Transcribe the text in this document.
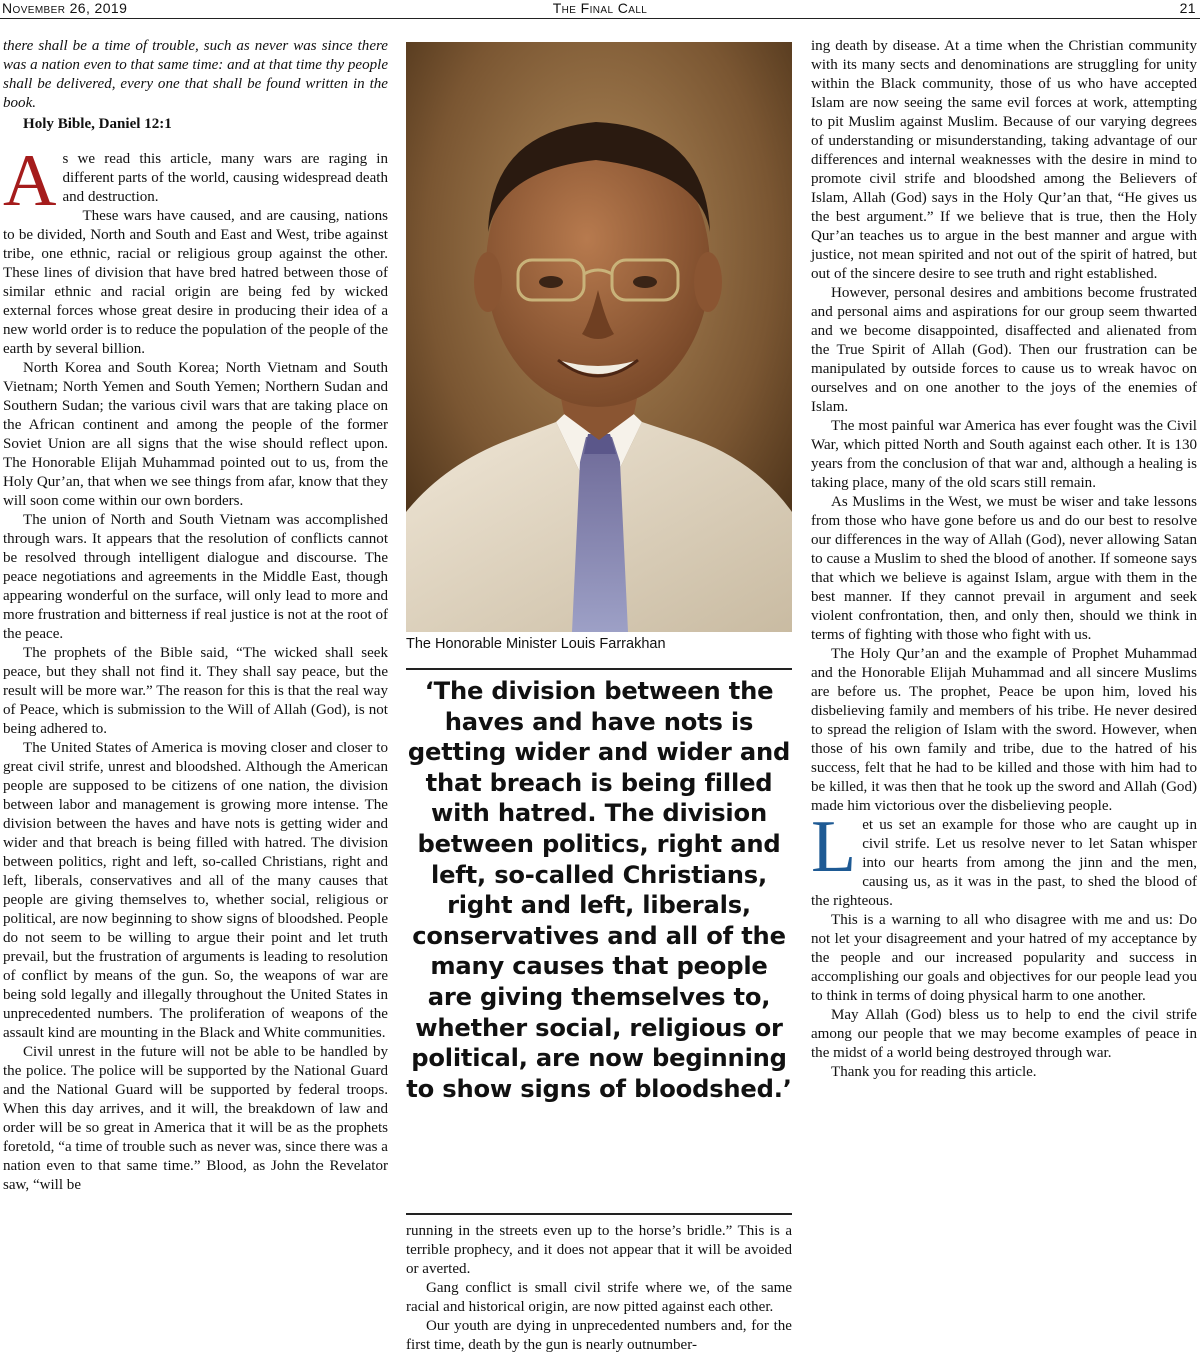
November 26, 2019	The Final Call	21

there shall be a time of trouble, such as never was since there was a nation even to that same time: and at that time thy people shall be delivered, every one that shall be found written in the book.

Holy Bible, Daniel 12:1

As we read this article, many wars are raging in different parts of the world, causing widespread death and destruction.

These wars have caused, and are causing, nations to be divided, North and South and East and West, tribe against tribe, one ethnic, racial or religious group against the other. These lines of division that have bred hatred between those of similar ethnic and racial origin are being fed by wicked external forces whose great desire in producing their idea of a new world order is to reduce the population of the people of the earth by several billion.

North Korea and South Korea; North Vietnam and South Vietnam; North Yemen and South Yemen; Northern Sudan and Southern Sudan; the various civil wars that are taking place on the African continent and among the people of the former Soviet Union are all signs that the wise should reflect upon. The Honorable Elijah Muhammad pointed out to us, from the Holy Qur’an, that when we see things from afar, know that they will soon come within our own borders.

The union of North and South Vietnam was accomplished through wars. It appears that the resolution of conflicts cannot be resolved through intelligent dialogue and discourse. The peace negotiations and agreements in the Middle East, though appearing wonderful on the surface, will only lead to more and more frustration and bitterness if real justice is not at the root of the peace.

The prophets of the Bible said, “The wicked shall seek peace, but they shall not find it. They shall say peace, but the result will be more war.” The reason for this is that the real way of Peace, which is submission to the Will of Allah (God), is not being adhered to.

The United States of America is moving closer and closer to great civil strife, unrest and bloodshed. Although the American people are supposed to be citizens of one nation, the division between labor and management is growing more intense. The division between the haves and have nots is getting wider and wider and that breach is being filled with hatred. The division between politics, right and left, so-called Christians, right and left, liberals, conservatives and all of the many causes that people are giving themselves to, whether social, religious or political, are now beginning to show signs of bloodshed. People do not seem to be willing to argue their point and let truth prevail, but the frustration of arguments is leading to resolution of conflict by means of the gun. So, the weapons of war are being sold legally and illegally throughout the United States in unprecedented numbers. The proliferation of weapons of the assault kind are mounting in the Black and White communities.

Civil unrest in the future will not be able to be handled by the police. The police will be supported by the National Guard and the National Guard will be supported by federal troops. When this day arrives, and it will, the breakdown of law and order will be so great in America that it will be as the prophets foretold, “a time of trouble such as never was, since there was a nation even to that same time.” Blood, as John the Revelator saw, “will be

The Honorable Minister Louis Farrakhan
‘The division between the haves and have nots is getting wider and wider and that breach is being filled with hatred. The division between politics, right and left, so-called Christians, right and left, liberals, conservatives and all of the many causes that people are giving themselves to, whether social, religious or political, are now beginning to show signs of bloodshed.’

running in the streets even up to the horse’s bridle.” This is a terrible prophecy, and it does not appear that it will be avoided or averted.

Gang conflict is small civil strife where we, of the same racial and historical origin, are now pitted against each other.

Our youth are dying in unprecedented numbers and, for the first time, death by the gun is nearly outnumber-

ing death by disease. At a time when the Christian community with its many sects and denominations are struggling for unity within the Black community, those of us who have accepted Islam are now seeing the same evil forces at work, attempting to pit Muslim against Muslim. Because of our varying degrees of understanding or misunderstanding, taking advantage of our differences and internal weaknesses with the desire in mind to promote civil strife and bloodshed among the Believers of Islam, Allah (God) says in the Holy Qur’an that, “He gives us the best argument.” If we believe that is true, then the Holy Qur’an teaches us to argue in the best manner and argue with justice, not mean spirited and not out of the spirit of hatred, but out of the sincere desire to see truth and right established.

However, personal desires and ambitions become frustrated and personal aims and aspirations for our group seem thwarted and we become disappointed, disaffected and alienated from the True Spirit of Allah (God). Then our frustration can be manipulated by outside forces to cause us to wreak havoc on ourselves and on one another to the joys of the enemies of Islam.

The most painful war America has ever fought was the Civil War, which pitted North and South against each other. It is 130 years from the conclusion of that war and, although a healing is taking place, many of the old scars still remain.

As Muslims in the West, we must be wiser and take lessons from those who have gone before us and do our best to resolve our differences in the way of Allah (God), never allowing Satan to cause a Muslim to shed the blood of another. If someone says that which we believe is against Islam, argue with them in the best manner. If they cannot prevail in argument and seek violent confrontation, then, and only then, should we think in terms of fighting with those who fight with us.

The Holy Qur’an and the example of Prophet Muhammad and the Honorable Elijah Muhammad and all sincere Muslims are before us. The prophet, Peace be upon him, loved his disbelieving family and members of his tribe. He never desired to spread the religion of Islam with the sword. However, when those of his own family and tribe, due to the hatred of his success, felt that he had to be killed and those with him had to be killed, it was then that he took up the sword and Allah (God) made him victorious over the disbelieving people.

Let us set an example for those who are caught up in civil strife. Let us resolve never to let Satan whisper into our hearts from among the jinn and the men, causing us, as it was in the past, to shed the blood of the righteous.

This is a warning to all who disagree with me and us: Do not let your disagreement and your hatred of my acceptance by the people and our increased popularity and success in accomplishing our goals and objectives for our people lead you to think in terms of doing physical harm to one another.

May Allah (God) bless us to help to end the civil strife among our people that we may become examples of peace in the midst of a world being destroyed through war.

Thank you for reading this article.
